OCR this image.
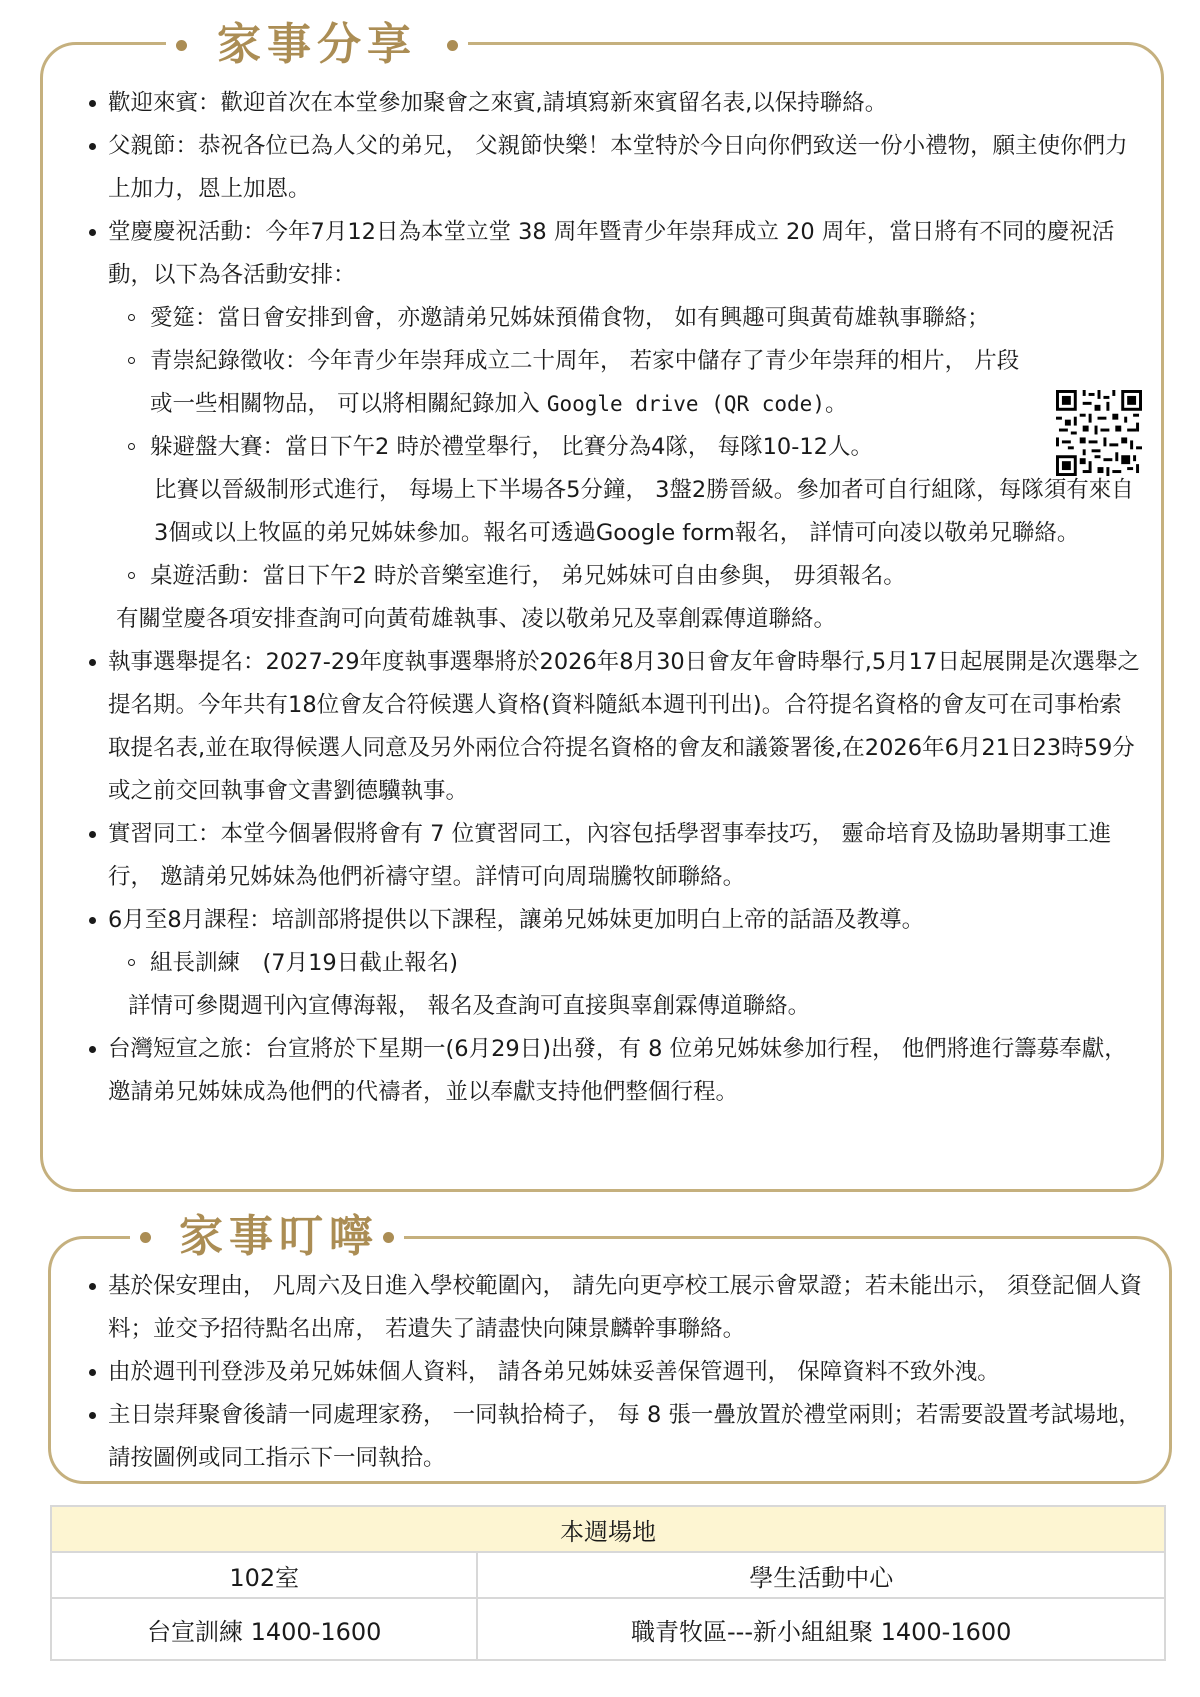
家事分享
歡迎來賓：歡迎首次在本堂參加聚會之來賓,請填寫新來賓留名表,以保持聯絡。
父親節：恭祝各位已為人父的弟兄， 父親節快樂！本堂特於今日向你們致送一份小禮物，願主使你們力上加力，恩上加恩。
堂慶慶祝活動：今年7月12日為本堂立堂 38 周年暨青少年崇拜成立 20 周年，當日將有不同的慶祝活動，以下為各活動安排：
愛筵：當日會安排到會，亦邀請弟兄姊妹預備食物， 如有興趣可與黃荀雄執事聯絡；
青崇紀錄徵收：今年青少年崇拜成立二十周年， 若家中儲存了青少年崇拜的相片， 片段
或一些相關物品， 可以將相關紀錄加入 Google drive (QR code)。
躲避盤大賽：當日下午2 時於禮堂舉行， 比賽分為4隊， 每隊10-12人。
比賽以晉級制形式進行， 每場上下半場各5分鐘， 3盤2勝晉級。參加者可自行組隊，每隊須有來自3個或以上牧區的弟兄姊妹參加。報名可透過Google form報名， 詳情可向凌以敬弟兄聯絡。
桌遊活動：當日下午2 時於音樂室進行， 弟兄姊妹可自由參與， 毋須報名。
有關堂慶各項安排查詢可向黃荀雄執事、凌以敬弟兄及辜創霖傳道聯絡。
執事選舉提名：2027-29年度執事選舉將於2026年8月30日會友年會時舉行,5月17日起展開是次選舉之提名期。今年共有18位會友合符候選人資格(資料隨紙本週刊刊出)。合符提名資格的會友可在司事枱索取提名表,並在取得候選人同意及另外兩位合符提名資格的會友和議簽署後,在2026年6月21日23時59分或之前交回執事會文書劉德驥執事。
實習同工：本堂今個暑假將會有 7 位實習同工，內容包括學習事奉技巧， 靈命培育及協助暑期事工進行， 邀請弟兄姊妹為他們祈禱守望。詳情可向周瑞騰牧師聯絡。
6月至8月課程：培訓部將提供以下課程，讓弟兄姊妹更加明白上帝的話語及教導。
組長訓練　(7月19日截止報名)
詳情可參閱週刊內宣傳海報， 報名及查詢可直接與辜創霖傳道聯絡。
台灣短宣之旅：台宣將於下星期一(6月29日)出發，有 8 位弟兄姊妹參加行程， 他們將進行籌募奉獻，邀請弟兄姊妹成為他們的代禱者，並以奉獻支持他們整個行程。
家事叮嚀
基於保安理由， 凡周六及日進入學校範圍內， 請先向更亭校工展示會眾證；若未能出示， 須登記個人資料；並交予招待點名出席， 若遺失了請盡快向陳景麟幹事聯絡。
由於週刊刊登涉及弟兄姊妹個人資料， 請各弟兄姊妹妥善保管週刊， 保障資料不致外洩。
主日崇拜聚會後請一同處理家務， 一同執拾椅子， 每 8 張一疊放置於禮堂兩則；若需要設置考試場地， 請按圖例或同工指示下一同執拾。
本週場地	
102室	學生活動中心
台宣訓練 1400-1600	職青牧區---新小組組聚 1400-1600
